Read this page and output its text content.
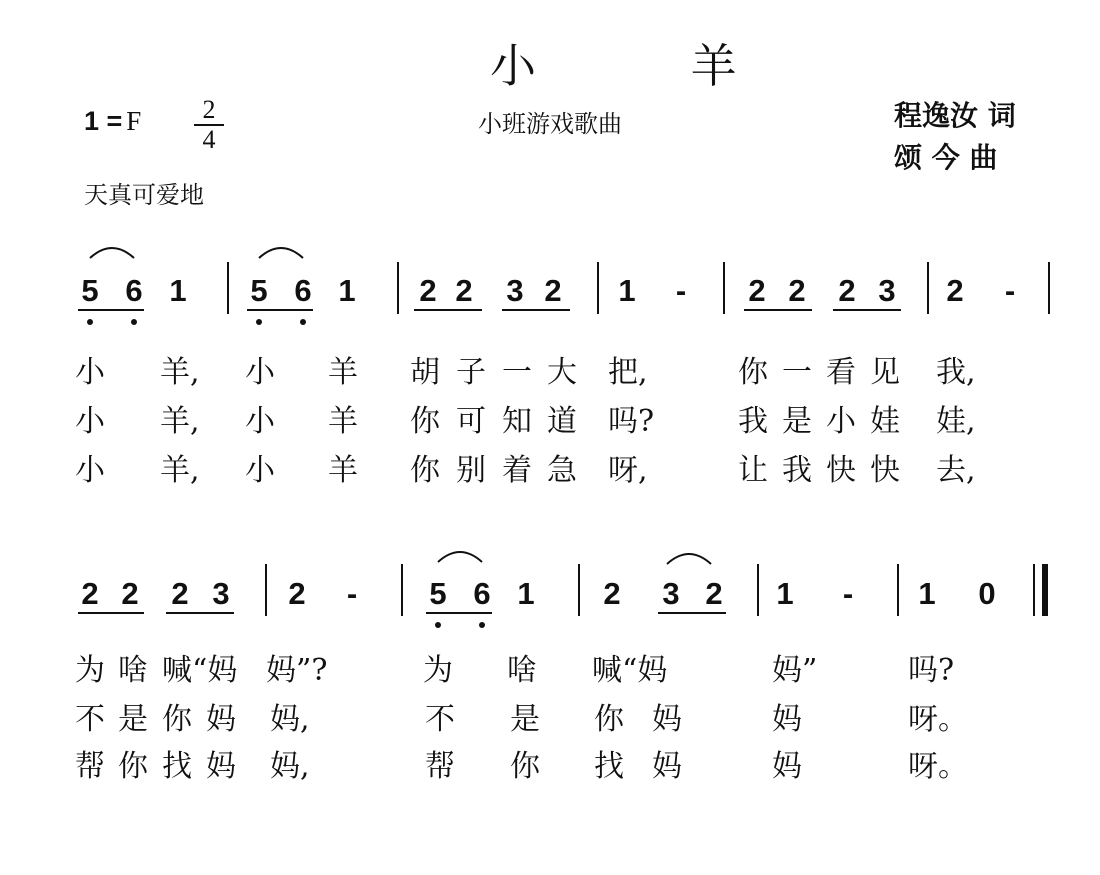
小 羊
小班游戏歌曲
1 = F	2
4
程逸汝 词
颂 今 曲
天真可爱地
5 6 1 5 6 1 2 2 3 2 1	-	2 2 2 3 2	-
小 羊, 小 羊 胡 子 一 大 把,	你 一 看 见 我,
小 羊, 小 羊 你 可 知 道 吗?	我 是 小 娃 娃,
小 羊, 小 羊 你 别 着 急 呀,	让 我 快 快 去,
2 2 2 3 2	-	5 6 1 2 3 2 1	-	1 0
为 啥 喊“妈 妈”?	为 啥 喊“妈	妈”	吗?
不 是 你 妈 妈,	不 是 你 妈	妈	呀。
帮 你 找 妈 妈,	帮 你 找 妈	妈	呀。
